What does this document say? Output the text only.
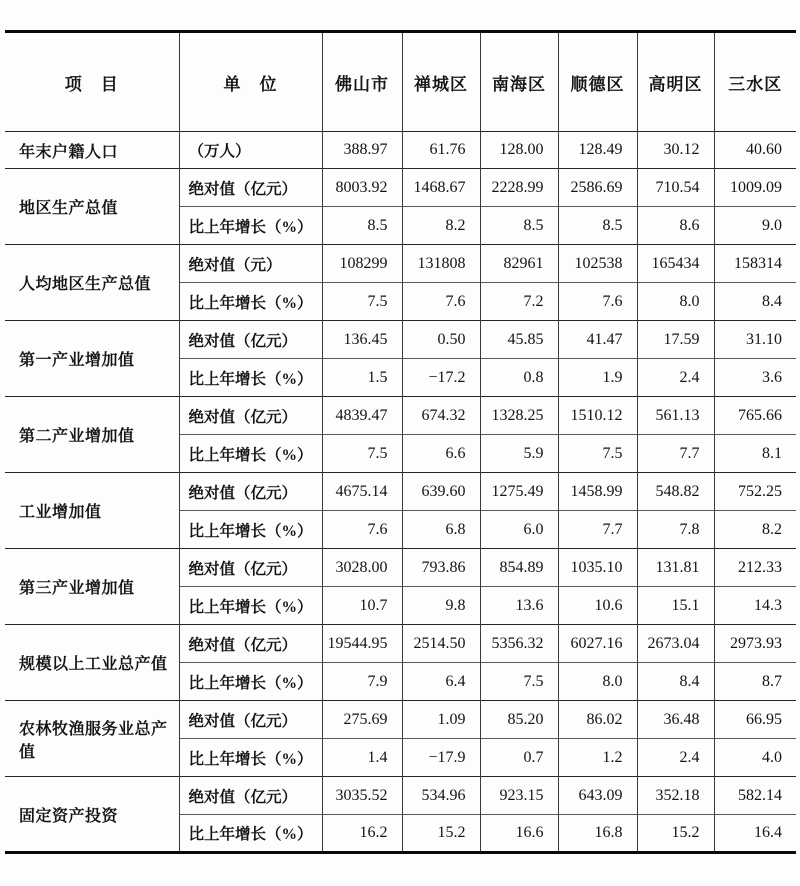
项　目	单　位	佛山市	禅城区	南海区	顺德区	高明区	三水区
年末户籍人口	（万人）	388.97	61.76	128.00	128.49	30.12	40.60
地区生产总值	绝对值（亿元）	8003.92	1468.67	2228.99	2586.69	710.54	1009.09
	比上年增长（%）	8.5	8.2	8.5	8.5	8.6	9.0
人均地区生产总值	绝对值（元）	108299	131808	82961	102538	165434	158314
	比上年增长（%）	7.5	7.6	7.2	7.6	8.0	8.4
第一产业增加值	绝对值（亿元）	136.45	0.50	45.85	41.47	17.59	31.10
	比上年增长（%）	1.5	−17.2	0.8	1.9	2.4	3.6
第二产业增加值	绝对值（亿元）	4839.47	674.32	1328.25	1510.12	561.13	765.66
	比上年增长（%）	7.5	6.6	5.9	7.5	7.7	8.1
工业增加值	绝对值（亿元）	4675.14	639.60	1275.49	1458.99	548.82	752.25
	比上年增长（%）	7.6	6.8	6.0	7.7	7.8	8.2
第三产业增加值	绝对值（亿元）	3028.00	793.86	854.89	1035.10	131.81	212.33
	比上年增长（%）	10.7	9.8	13.6	10.6	15.1	14.3
规模以上工业总产值	绝对值（亿元）	19544.95	2514.50	5356.32	6027.16	2673.04	2973.93
	比上年增长（%）	7.9	6.4	7.5	8.0	8.4	8.7
农林牧渔服务业总产值	绝对值（亿元）	275.69	1.09	85.20	86.02	36.48	66.95
	比上年增长（%）	1.4	−17.9	0.7	1.2	2.4	4.0
固定资产投资	绝对值（亿元）	3035.52	534.96	923.15	643.09	352.18	582.14
	比上年增长（%）	16.2	15.2	16.6	16.8	15.2	16.4
